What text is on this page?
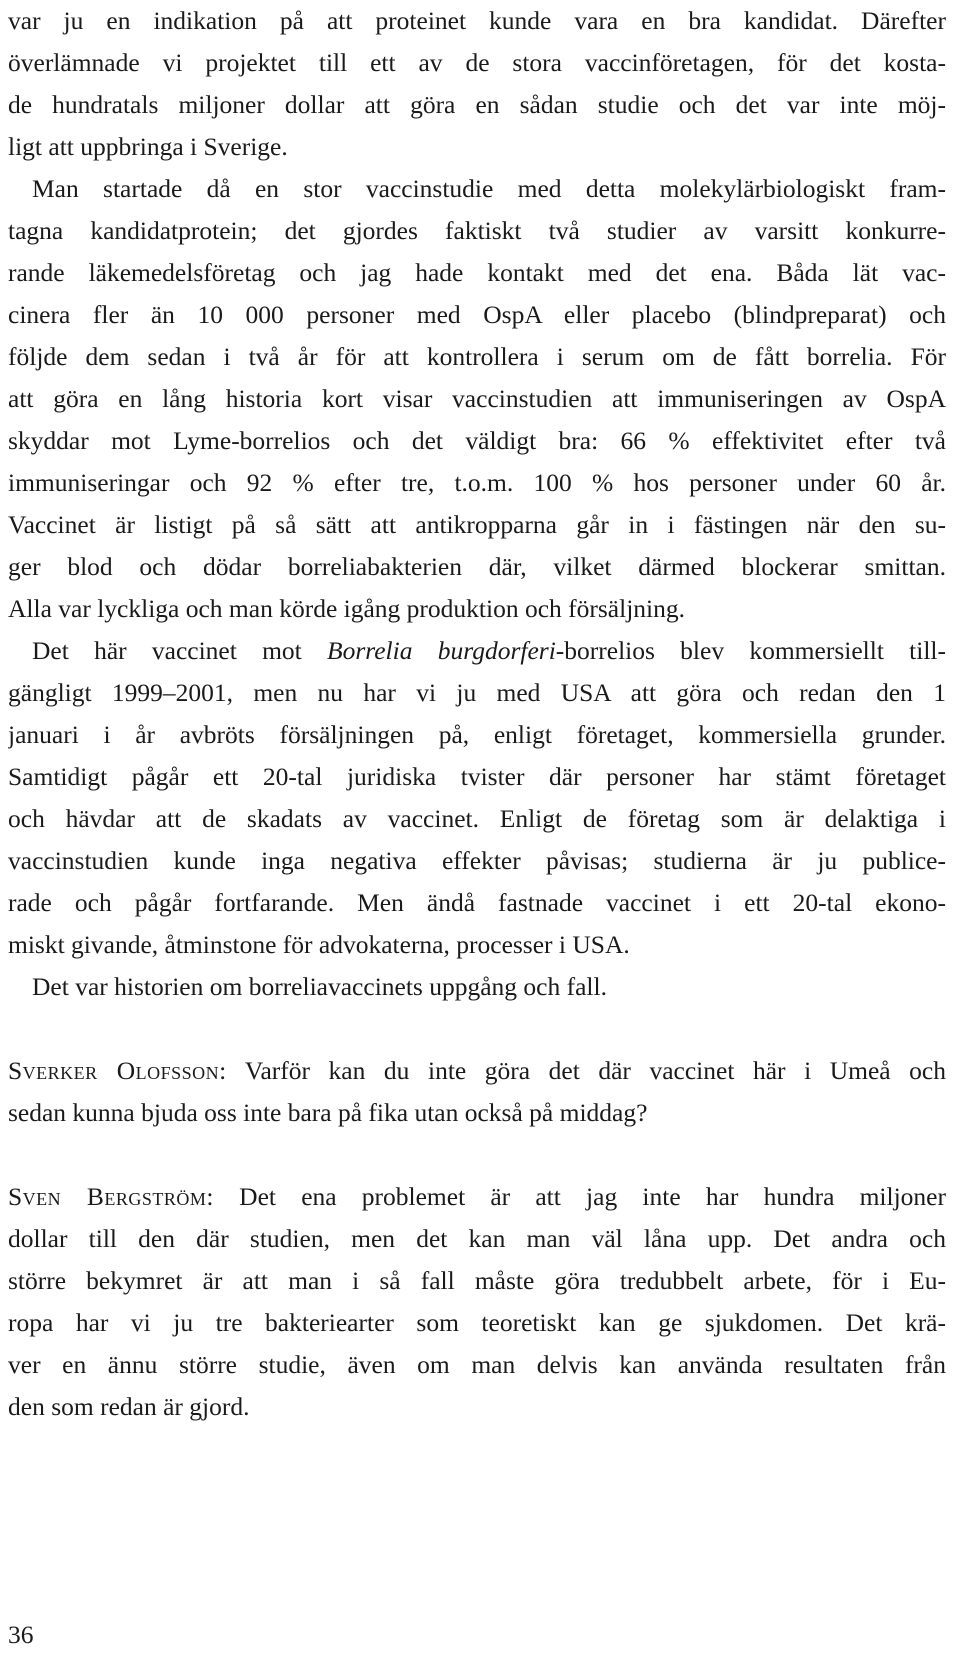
var ju en indikation på att proteinet kunde vara en bra kandidat. Därefter
överlämnade vi projektet till ett av de stora vaccinföretagen, för det kosta-
de hundratals miljoner dollar att göra en sådan studie och det var inte möj-
ligt att uppbringa i Sverige.
Man startade då en stor vaccinstudie med detta molekylärbiologiskt fram-
tagna kandidatprotein; det gjordes faktiskt två studier av varsitt konkurre-
rande läkemedelsföretag och jag hade kontakt med det ena. Båda lät vac-
cinera fler än 10 000 personer med OspA eller placebo (blindpreparat) och
följde dem sedan i två år för att kontrollera i serum om de fått borrelia. För
att göra en lång historia kort visar vaccinstudien att immuniseringen av OspA
skyddar mot Lyme-borrelios och det väldigt bra: 66 % effektivitet efter två
immuniseringar och 92 % efter tre, t.o.m. 100 % hos personer under 60 år.
Vaccinet är listigt på så sätt att antikropparna går in i fästingen när den su-
ger blod och dödar borreliabakterien där, vilket därmed blockerar smittan.
Alla var lyckliga och man körde igång produktion och försäljning.
Det här vaccinet mot Borrelia burgdorferi-borrelios blev kommersiellt till-
gängligt 1999–2001, men nu har vi ju med USA att göra och redan den 1
januari i år avbröts försäljningen på, enligt företaget, kommersiella grunder.
Samtidigt pågår ett 20-tal juridiska tvister där personer har stämt företaget
och hävdar att de skadats av vaccinet. Enligt de företag som är delaktiga i
vaccinstudien kunde inga negativa effekter påvisas; studierna är ju publice-
rade och pågår fortfarande. Men ändå fastnade vaccinet i ett 20-tal ekono-
miskt givande, åtminstone för advokaterna, processer i USA.
Det var historien om borreliavaccinets uppgång och fall.
Sverker Olofsson: Varför kan du inte göra det där vaccinet här i Umeå och
sedan kunna bjuda oss inte bara på fika utan också på middag?
Sven Bergström: Det ena problemet är att jag inte har hundra miljoner
dollar till den där studien, men det kan man väl låna upp. Det andra och
större bekymret är att man i så fall måste göra tredubbelt arbete, för i Eu-
ropa har vi ju tre bakteriearter som teoretiskt kan ge sjukdomen. Det krä-
ver en ännu större studie, även om man delvis kan använda resultaten från
den som redan är gjord.
36
